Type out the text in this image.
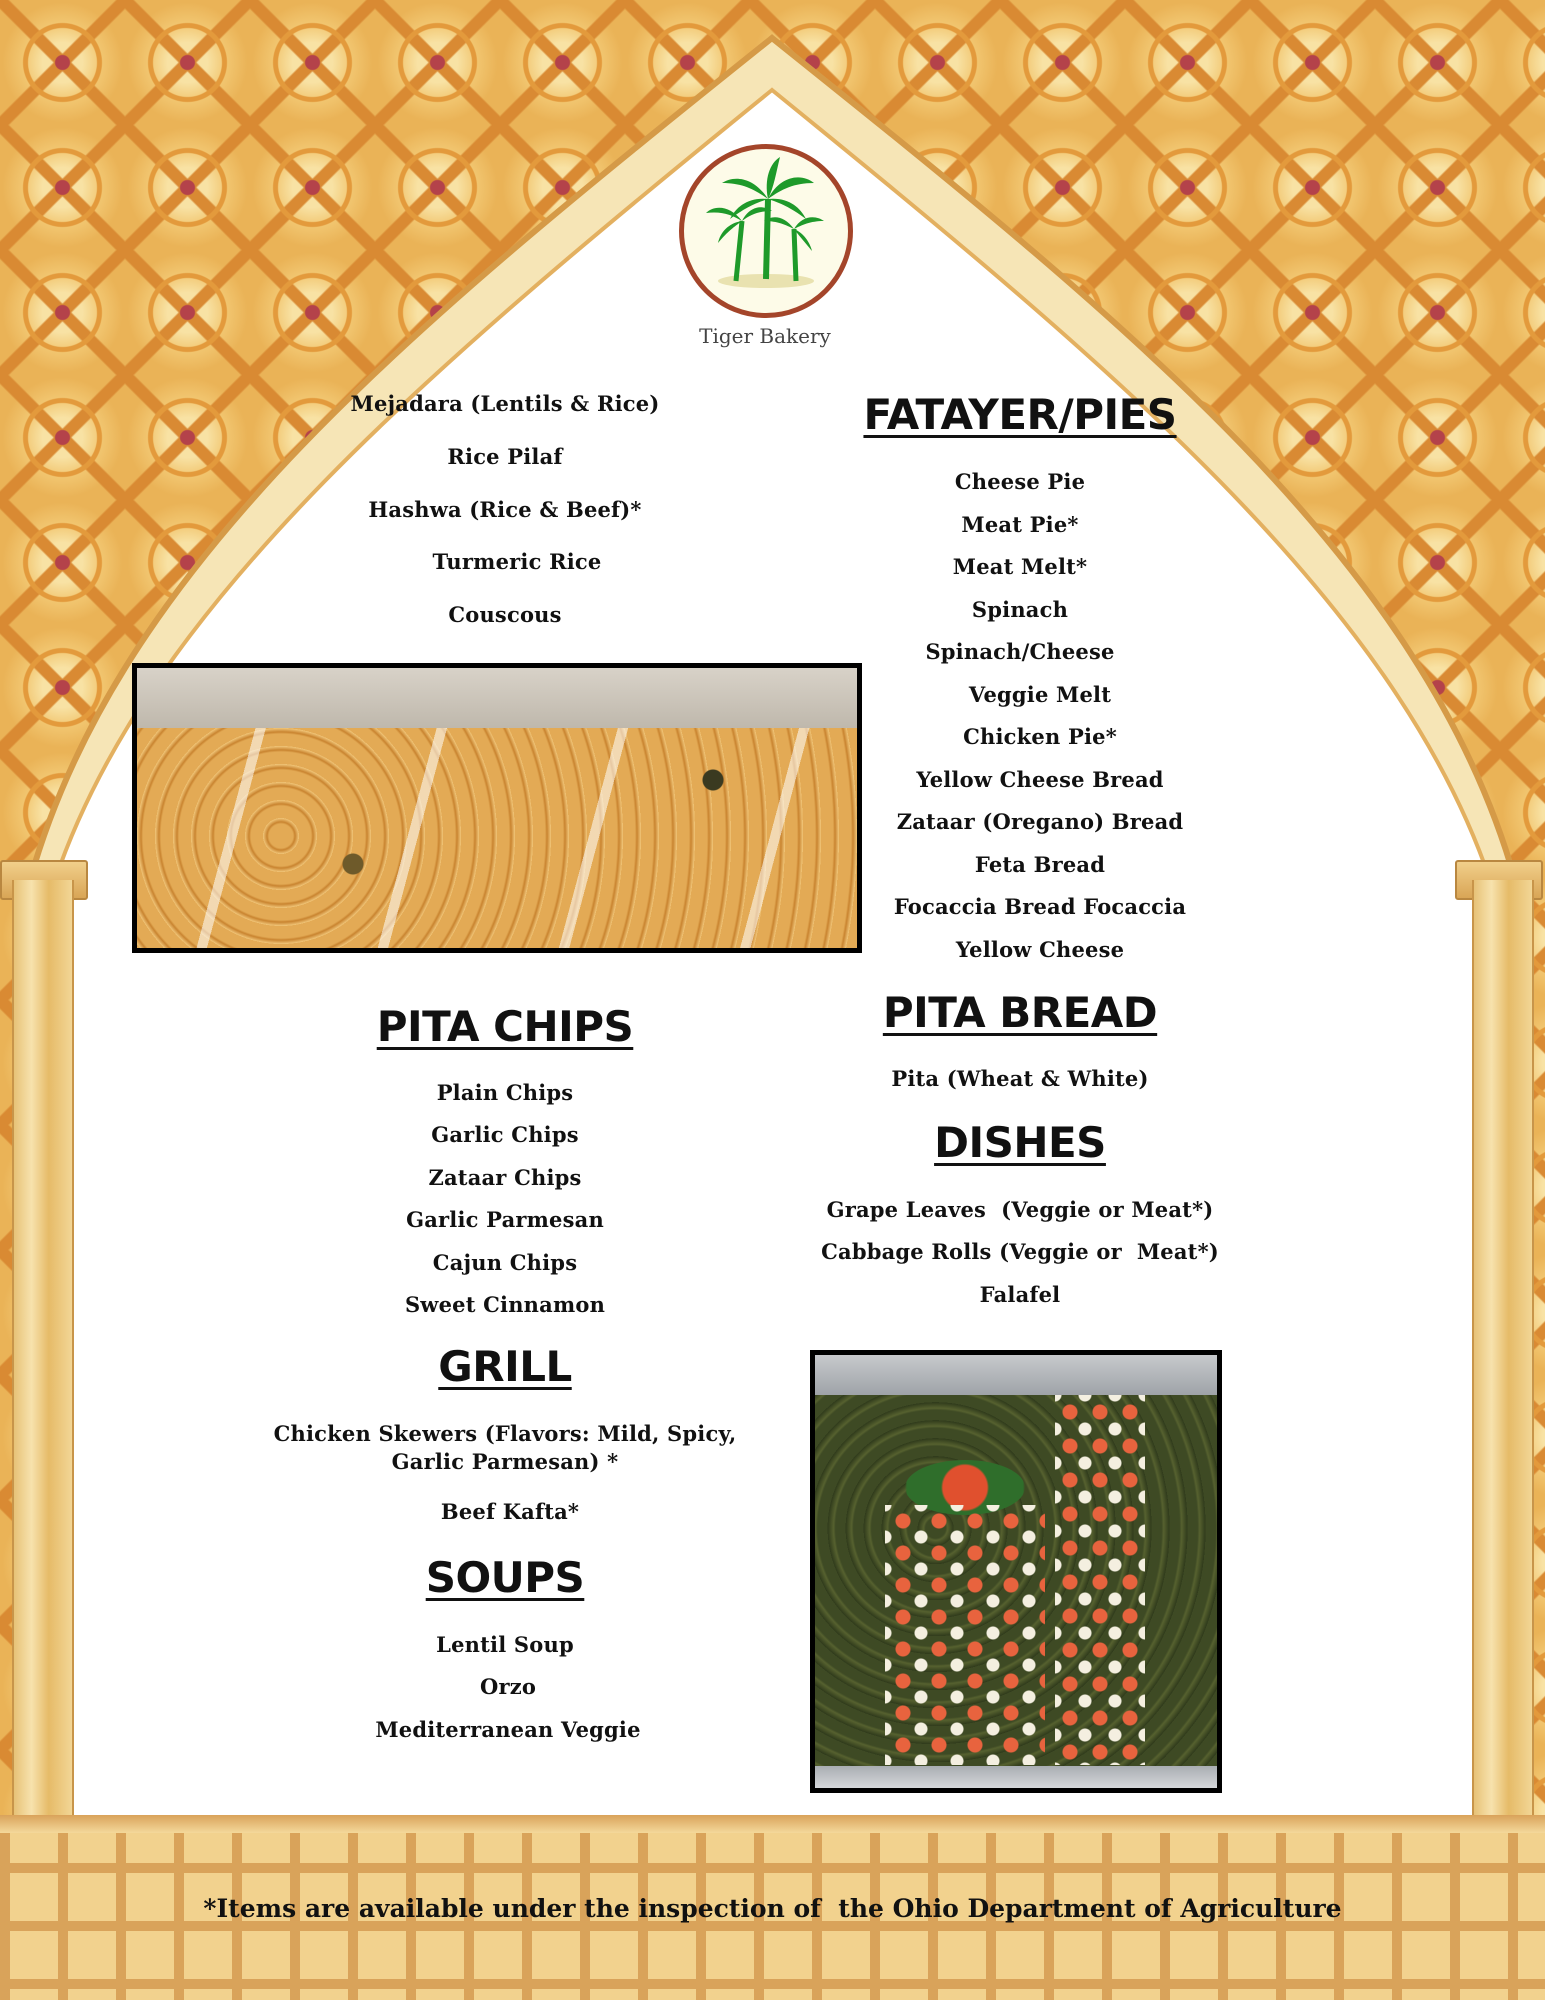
Tiger Bakery
Mejadara (Lentils & Rice)
Rice Pilaf
Hashwa (Rice & Beef)*
Turmeric Rice
Couscous
FATAYER/PIES
Cheese Pie
Meat Pie*
Meat Melt*
Spinach
Spinach/Cheese
Veggie Melt
Chicken Pie*
Yellow Cheese Bread
Zataar (Oregano) Bread
Feta Bread
Focaccia Bread Focaccia
Yellow Cheese
PITA CHIPS
Plain Chips
Garlic Chips
Zataar Chips
Garlic Parmesan
Cajun Chips
Sweet Cinnamon
PITA BREAD
Pita (Wheat & White)
DISHES
Grape Leaves  (Veggie or Meat*)
Cabbage Rolls (Veggie or  Meat*)
Falafel
GRILL
Chicken Skewers (Flavors: Mild, Spicy,
Garlic Parmesan) *
Beef Kafta*
SOUPS
Lentil Soup
Orzo
Mediterranean Veggie
*Items are available under the inspection of  the Ohio Department of Agriculture
